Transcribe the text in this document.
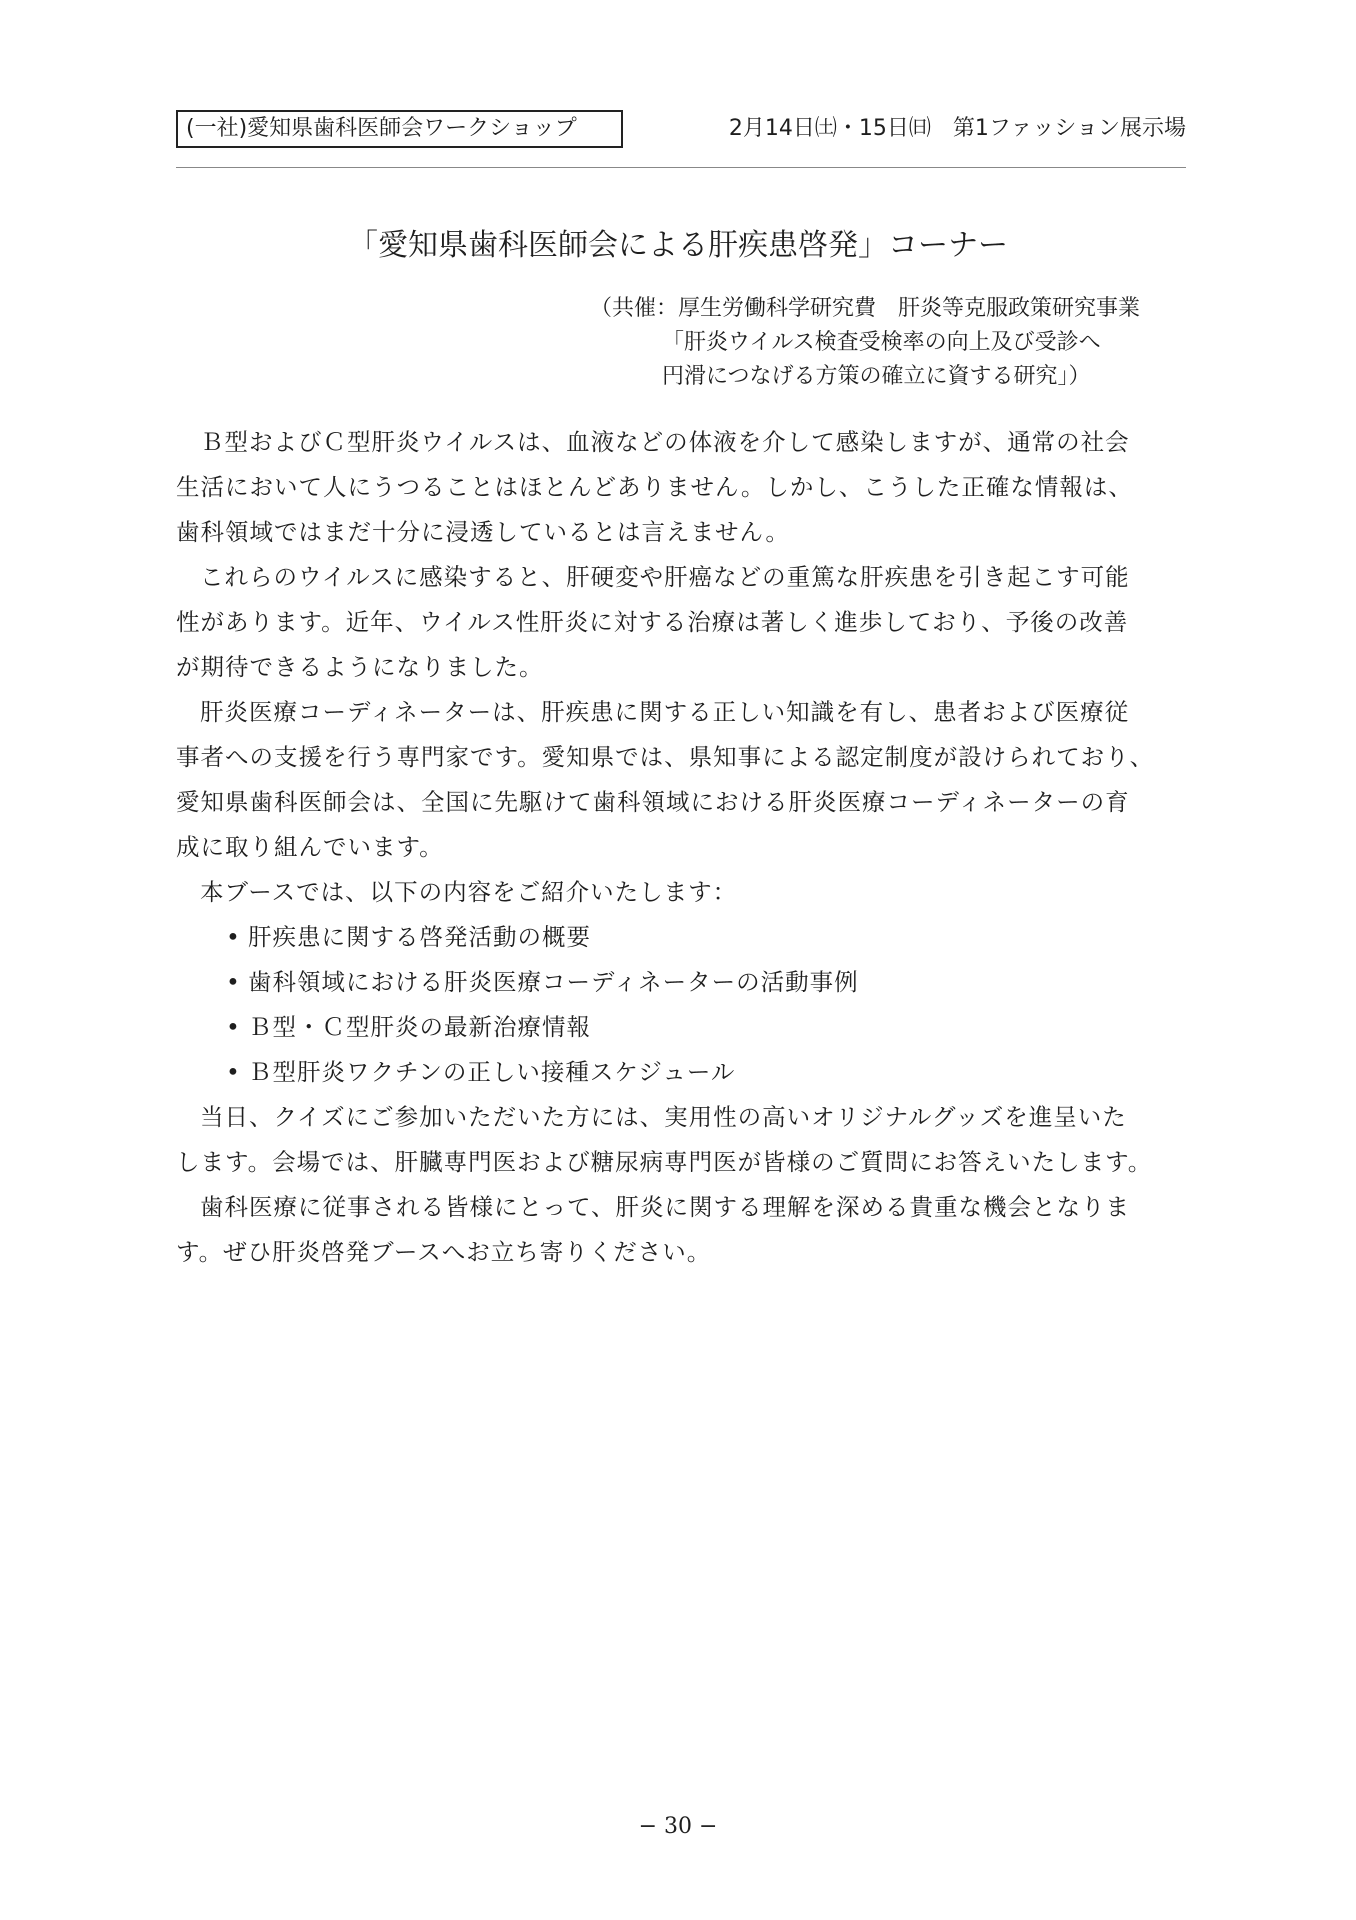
(一社)愛知県歯科医師会ワークショップ	2月14日㈯・15日㈰　第1ファッション展示場
「愛知県歯科医師会による肝疾患啓発」コーナー
（共催：厚生労働科学研究費　肝炎等克服政策研究事業
「肝炎ウイルス検査受検率の向上及び受診へ
円滑につなげる方策の確立に資する研究」）
Ｂ型およびＣ型肝炎ウイルスは、血液などの体液を介して感染しますが、通常の社会
生活において人にうつることはほとんどありません。しかし、こうした正確な情報は、
歯科領域ではまだ十分に浸透しているとは言えません。
これらのウイルスに感染すると、肝硬変や肝癌などの重篤な肝疾患を引き起こす可能
性があります。近年、ウイルス性肝炎に対する治療は著しく進歩しており、予後の改善
が期待できるようになりました。
肝炎医療コーディネーターは、肝疾患に関する正しい知識を有し、患者および医療従
事者への支援を行う専門家です。愛知県では、県知事による認定制度が設けられており、
愛知県歯科医師会は、全国に先駆けて歯科領域における肝炎医療コーディネーターの育
成に取り組んでいます。
本ブースでは、以下の内容をご紹介いたします：
• 肝疾患に関する啓発活動の概要
• 歯科領域における肝炎医療コーディネーターの活動事例
• Ｂ型・Ｃ型肝炎の最新治療情報
• Ｂ型肝炎ワクチンの正しい接種スケジュール
当日、クイズにご参加いただいた方には、実用性の高いオリジナルグッズを進呈いた
します。会場では、肝臓専門医および糖尿病専門医が皆様のご質問にお答えいたします。
歯科医療に従事される皆様にとって、肝炎に関する理解を深める貴重な機会となりま
す。ぜひ肝炎啓発ブースへお立ち寄りください。
− 30 −
